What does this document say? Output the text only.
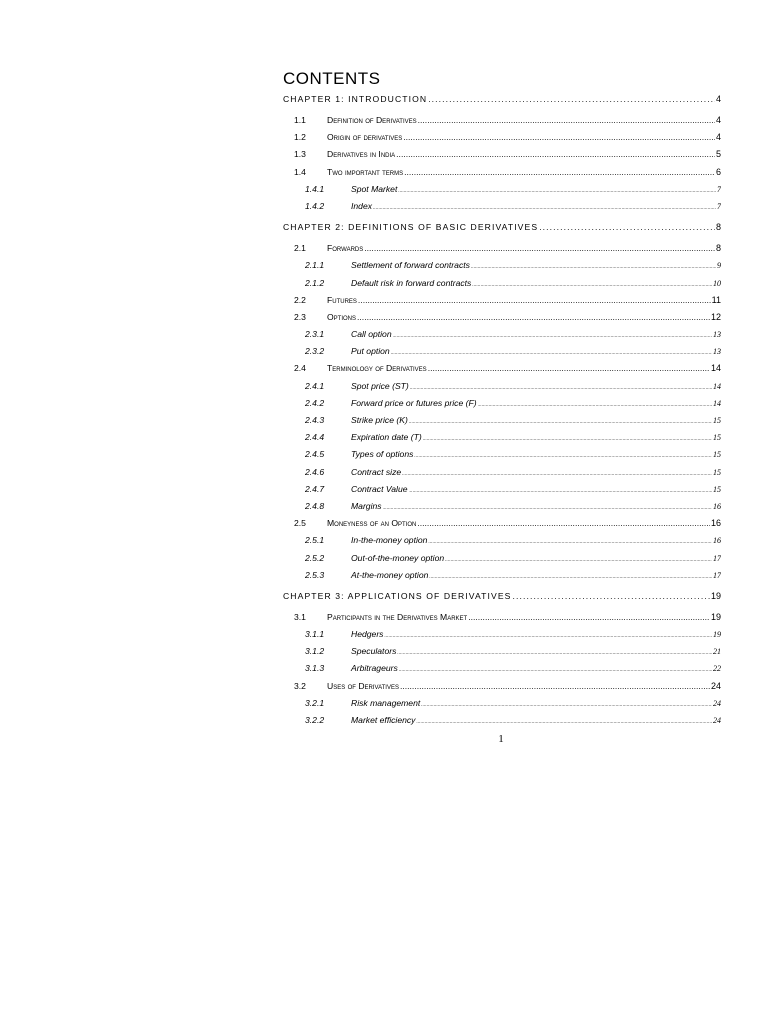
CONTENTS
CHAPTER 1: INTRODUCTION .....	4
1.1	Definition of Derivatives .....	4
1.2	Origin of derivatives .....	4
1.3	Derivatives in India .....	5
1.4	Two important terms .....	6
1.4.1	Spot Market .....	7
1.4.2	Index .....	7
CHAPTER 2: DEFINITIONS OF BASIC DERIVATIVES .....	8
2.1	Forwards .....	8
2.1.1	Settlement of forward contracts .....	9
2.1.2	Default risk in forward contracts .....	10
2.2	Futures .....	11
2.3	Options .....	12
2.3.1	Call option .....	13
2.3.2	Put option .....	13
2.4	Terminology of Derivatives .....	14
2.4.1	Spot price (ST) .....	14
2.4.2	Forward price or futures price (F) .....	14
2.4.3	Strike price (K) .....	15
2.4.4	Expiration date (T) .....	15
2.4.5	Types of options .....	15
2.4.6	Contract size .....	15
2.4.7	Contract Value .....	15
2.4.8	Margins .....	16
2.5	Moneyness of an Option .....	16
2.5.1	In-the-money option .....	16
2.5.2	Out-of-the-money option .....	17
2.5.3	At-the-money option .....	17
CHAPTER 3: APPLICATIONS OF DERIVATIVES .....	19
3.1	Participants in the Derivatives Market .....	19
3.1.1	Hedgers .....	19
3.1.2	Speculators .....	21
3.1.3	Arbitrageurs .....	22
3.2	Uses of Derivatives .....	24
3.2.1	Risk management .....	24
3.2.2	Market efficiency .....	24
1
